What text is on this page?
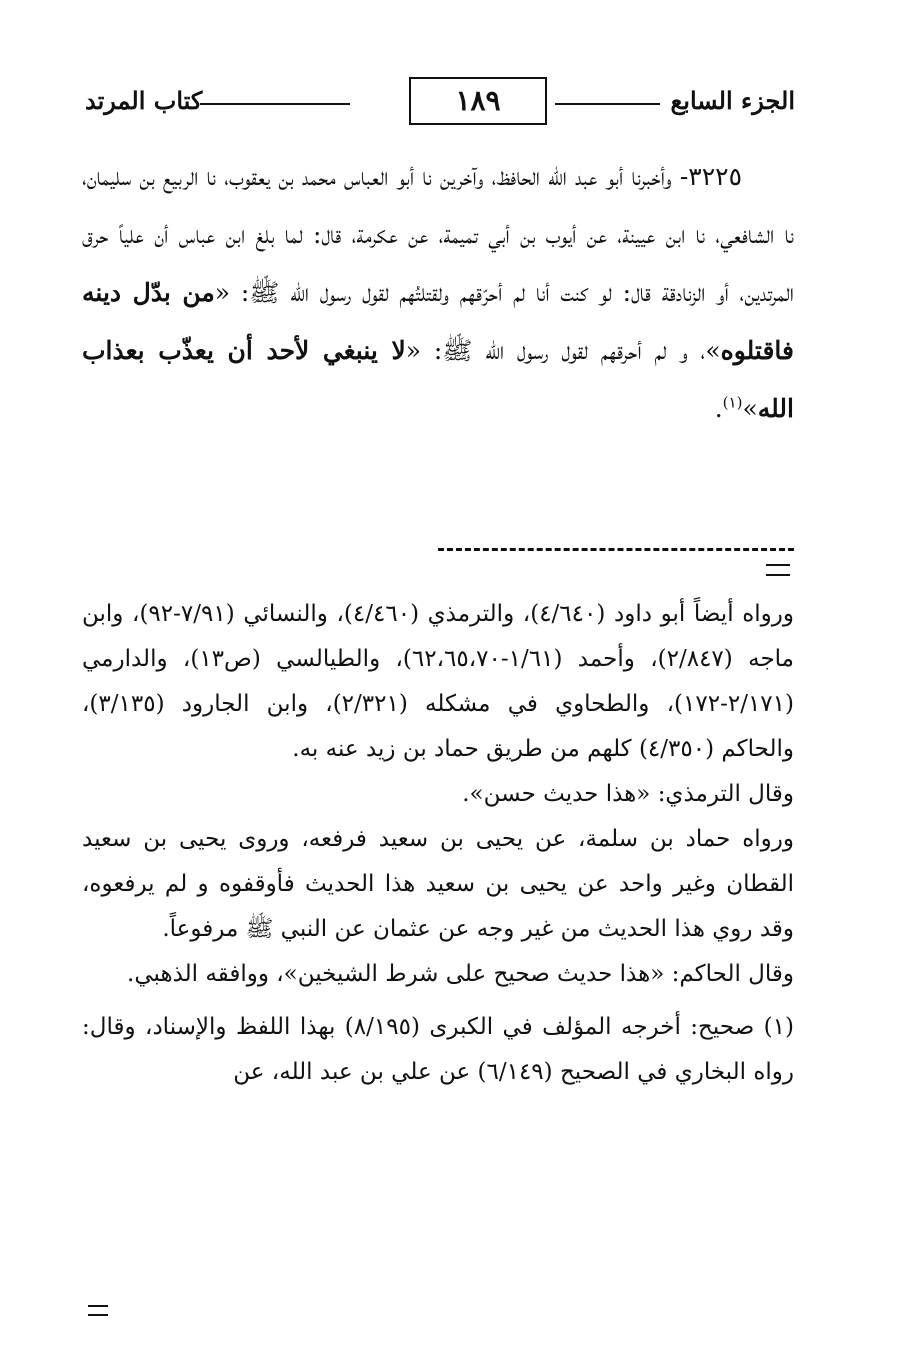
الجزء السابع
١٨٩
كتاب المرتد

٣٢٢٥- وأخبرنا أبو عبد الله الحافظ، وآخرين نا أبو العباس محمد بن يعقوب، نا الربيع بن سليمان، نا الشافعي، نا ابن عيينة، عن أيوب بن أبي تميمة، عن عكرمة، قال: لما بلغ ابن عباس أن علياً حرق المرتدين، أو الزنادقة قال: لو كنت أنا لم أحرّقهم ولقتلتُهم لقول رسول الله ﷺ: «من بدّل دينه فاقتلوه»، و لم أحرقهم لقول رسول الله ﷺ: «لا ينبغي لأحد أن يعذّب بعذاب الله»$^{(١)}$.

ورواه أيضاً أبو داود (٤/٦٤٠)، والترمذي (٤/٤٦٠)، والنسائي (٧/٩١-٩٢)، وابن ماجه (٢/٨٤٧)، وأحمد (١/٦١-٦٢،٦٥،٧٠)، والطيالسي (ص١٣)، والدارمي (٢/١٧١-١٧٢)، والطحاوي في مشكله (٢/٣٢١)، وابن الجارود (٣/١٣٥)، والحاكم (٤/٣٥٠) كلهم من طريق حماد بن زيد عنه به.

وقال الترمذي: «هذا حديث حسن».

ورواه حماد بن سلمة، عن يحيى بن سعيد فرفعه، وروى يحيى بن سعيد القطان وغير واحد عن يحيى بن سعيد هذا الحديث فأوقفوه و لم يرفعوه، وقد روي هذا الحديث من غير وجه عن عثمان عن النبي ﷺ مرفوعاً.

وقال الحاكم: «هذا حديث صحيح على شرط الشيخين»، ووافقه الذهبي.

(١) صحيح: أخرجه المؤلف في الكبرى (٨/١٩٥) بهذا اللفظ والإسناد، وقال: رواه البخاري في الصحيح (٦/١٤٩) عن علي بن عبد الله، عن
